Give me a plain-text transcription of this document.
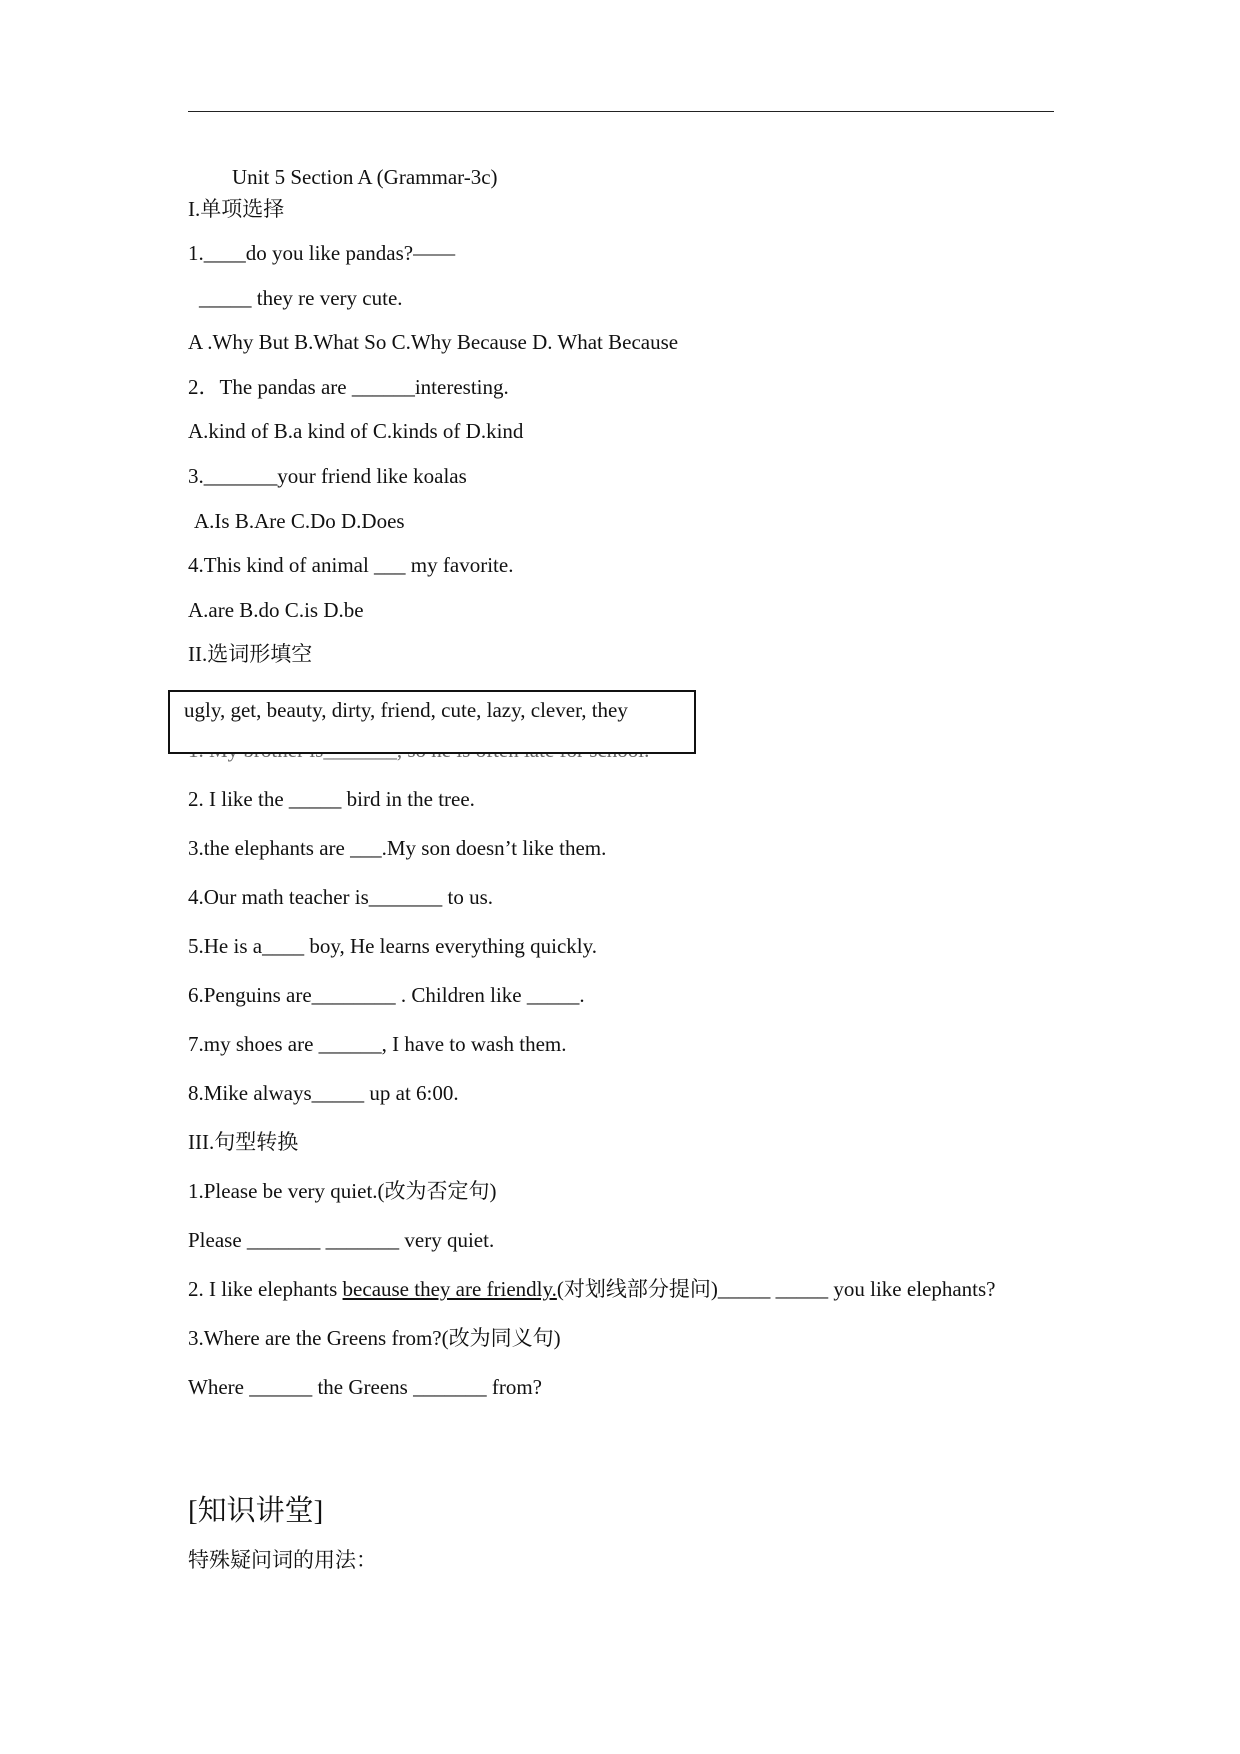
Unit 5 Section A (Grammar-3c)
I.单项选择
1.____do you like pandas?——
_____ they re very cute.
A .Why But B.What So C.Why Because D. What Because
2．The pandas are ______interesting.
A.kind of B.a kind of C.kinds of D.kind
3._______your friend like koalas
A.Is B.Are C.Do D.Does
4.This kind of animal ___ my favorite.
A.are B.do C.is D.be
II.选词形填空
ugly, get, beauty, dirty, friend, cute, lazy, clever, they
2. I like the _____ bird in the tree.
3.the elephants are ___.My son doesn’t like them.
4.Our math teacher is_______ to us.
5.He is a____ boy, He learns everything quickly.
6.Penguins are________ . Children like _____.
7.my shoes are ______, I have to wash them.
8.Mike always_____ up at 6:00.
III.句型转换
1.Please be very quiet.(改为否定句)
Please _______ _______ very quiet.
2. I like elephants because they are friendly.(对划线部分提问)_____ _____ you like elephants?
3.Where are the Greens from?(改为同义句)
Where ______ the Greens _______ from?
[知识讲堂]
特殊疑问词的用法：
